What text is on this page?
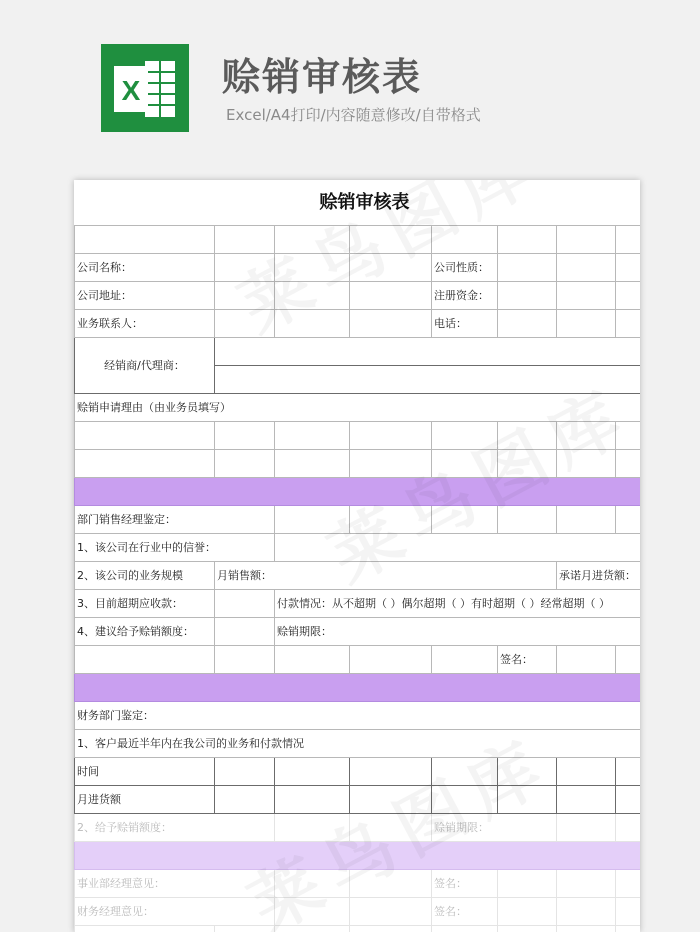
X 赊销审核表
Excel/A4打印/内容随意修改/自带格式
赊销审核表							

公司名称：				公司性质：			
公司地址：				注册资金：			
业务联系人：				电话：			
经销商/代理商：							

赊销申请理由（由业务员填写）							

部门销售经理鉴定：							
1、该公司在行业中的信誉：							
2、该公司的业务规模	月销售额：					承诺月进货额：	
3、目前超期应收款：		付款情况：从不超期（ ）偶尔超期（ ）有时超期（ ）经常超期（ ）					
4、建议给予赊销额度：		赊销期限：					
					签名：		

财务部门鉴定：							
1、客户最近半年内在我公司的业务和付款情况							
时间							
月进货额							
2、给予赊销额度：				赊销期限：			

事业部经理意见：				签名：			
财务经理意见：				签名：			
